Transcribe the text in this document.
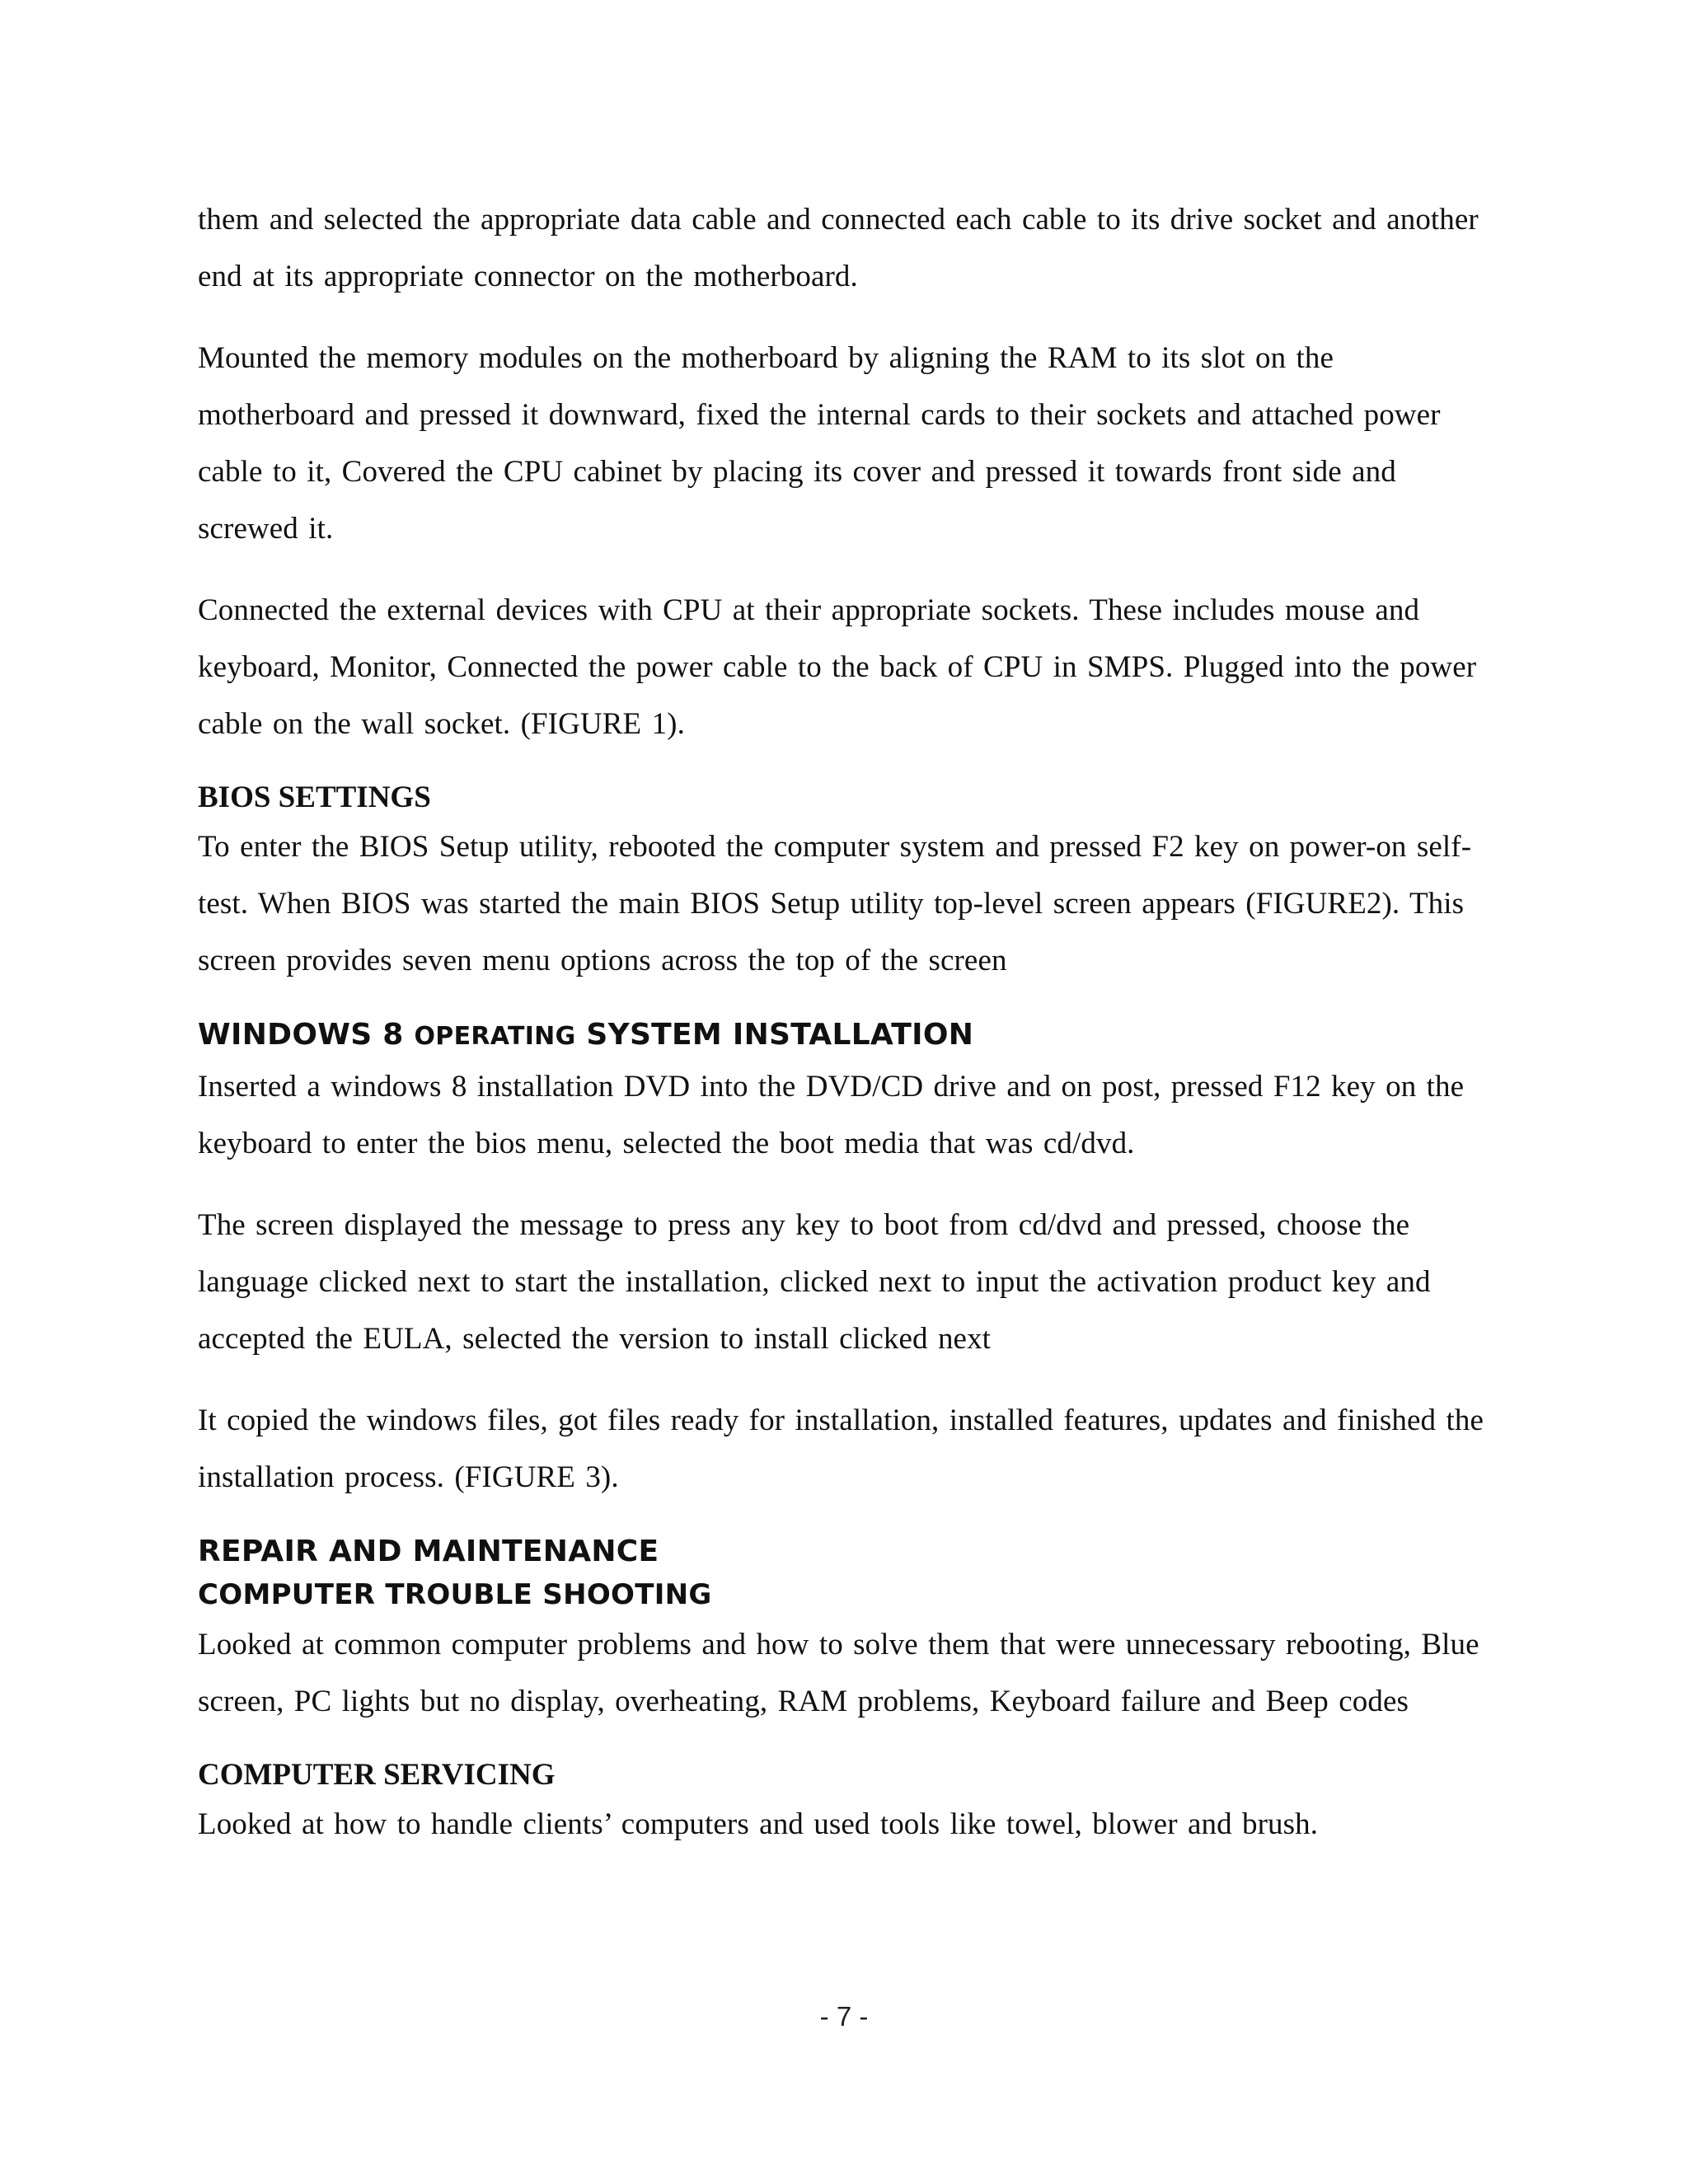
them and selected the appropriate data cable and connected each cable to its drive socket and another end at its appropriate connector on the motherboard.

Mounted the memory modules on the motherboard by aligning the RAM to its slot on the motherboard and pressed it downward, fixed the internal cards to their sockets and attached power cable to it, Covered the CPU cabinet by placing its cover and pressed it towards front side and screwed it.

Connected the external devices with CPU at their appropriate sockets. These includes mouse and keyboard, Monitor, Connected the power cable to the back of CPU in SMPS. Plugged into the power cable on the wall socket. (FIGURE 1).

BIOS SETTINGS

To enter the BIOS Setup utility, rebooted the computer system and pressed F2 key on power-on self-test. When BIOS was started the main BIOS Setup utility top-level screen appears (FIGURE2). This screen provides seven menu options across the top of the screen

WINDOWS 8 OPERATING SYSTEM INSTALLATION

Inserted a windows 8 installation DVD into the DVD/CD drive and on post, pressed F12 key on the keyboard to enter the bios menu, selected the boot media that was cd/dvd.

The screen displayed the message to press any key to boot from cd/dvd and pressed, choose the language clicked next to start the installation, clicked next to input the activation product key and accepted the EULA, selected the version to install clicked next

It copied the windows files, got files ready for installation, installed features, updates and finished the installation process. (FIGURE 3).

REPAIR AND MAINTENANCE
COMPUTER TROUBLE SHOOTING

Looked at common computer problems and how to solve them that were unnecessary rebooting, Blue screen, PC lights but no display, overheating, RAM problems, Keyboard failure and Beep codes

COMPUTER SERVICING

Looked at how to handle clients’ computers and used tools like towel, blower and brush.

- 7 -
